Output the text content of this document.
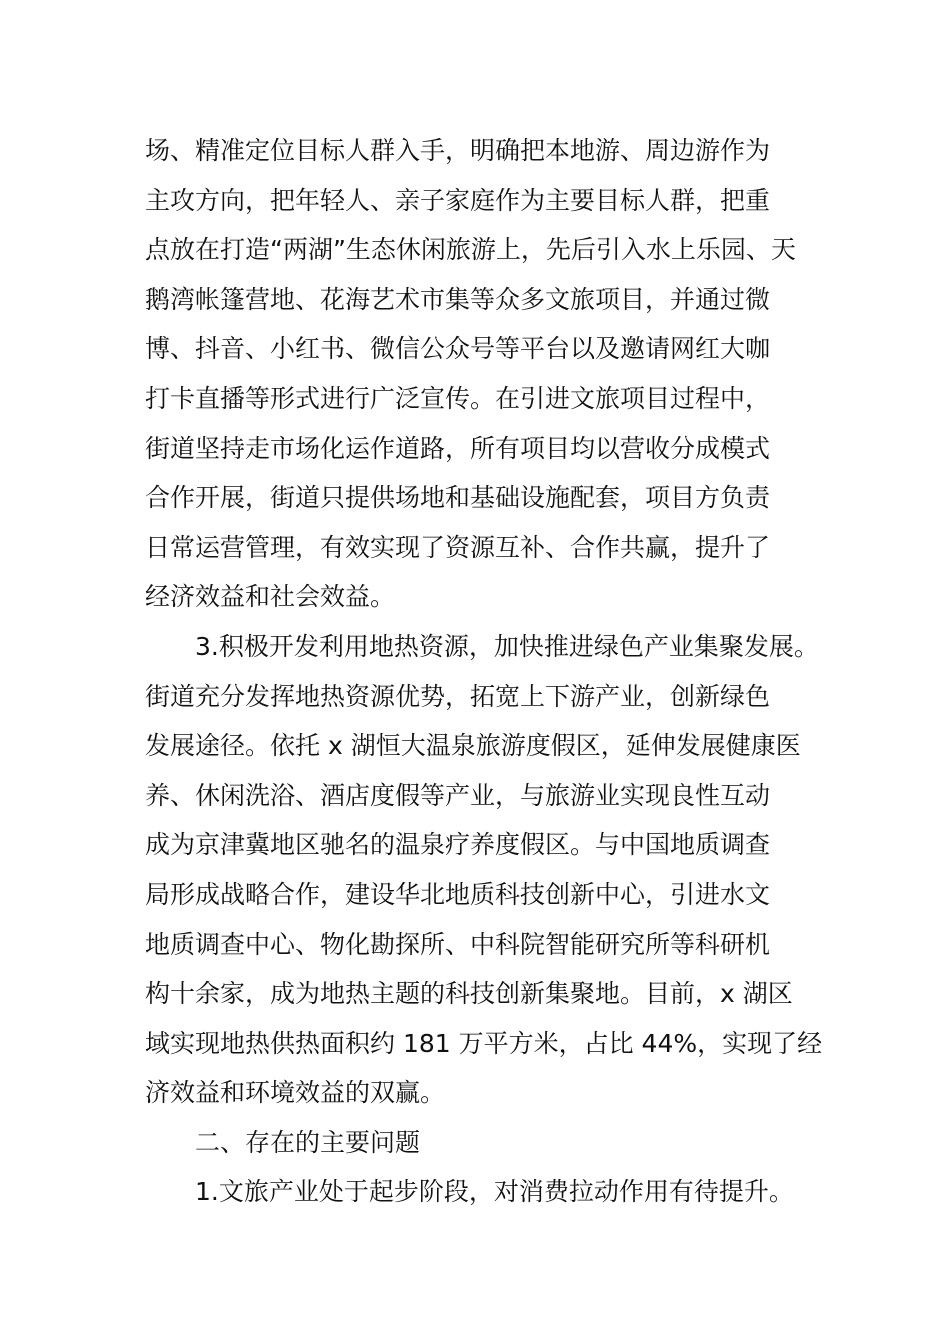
场、精准定位目标人群入手，明确把本地游、周边游作为
主攻方向，把年轻人、亲子家庭作为主要目标人群，把重
点放在打造“两湖”生态休闲旅游上，先后引入水上乐园、天
鹅湾帐篷营地、花海艺术市集等众多文旅项目，并通过微
博、抖音、小红书、微信公众号等平台以及邀请网红大咖
打卡直播等形式进行广泛宣传。在引进文旅项目过程中，
街道坚持走市场化运作道路，所有项目均以营收分成模式
合作开展，街道只提供场地和基础设施配套，项目方负责
日常运营管理，有效实现了资源互补、合作共赢，提升了
经济效益和社会效益。
3.积极开发利用地热资源，加快推进绿色产业集聚发展。
街道充分发挥地热资源优势，拓宽上下游产业，创新绿色
发展途径。依托 x 湖恒大温泉旅游度假区，延伸发展健康医
养、休闲洗浴、酒店度假等产业，与旅游业实现良性互动
成为京津冀地区驰名的温泉疗养度假区。与中国地质调查
局形成战略合作，建设华北地质科技创新中心，引进水文
地质调查中心、物化勘探所、中科院智能研究所等科研机
构十余家，成为地热主题的科技创新集聚地。目前，x 湖区
域实现地热供热面积约 181 万平方米，占比 44%，实现了经
济效益和环境效益的双赢。
二、存在的主要问题
1.文旅产业处于起步阶段，对消费拉动作用有待提升。
